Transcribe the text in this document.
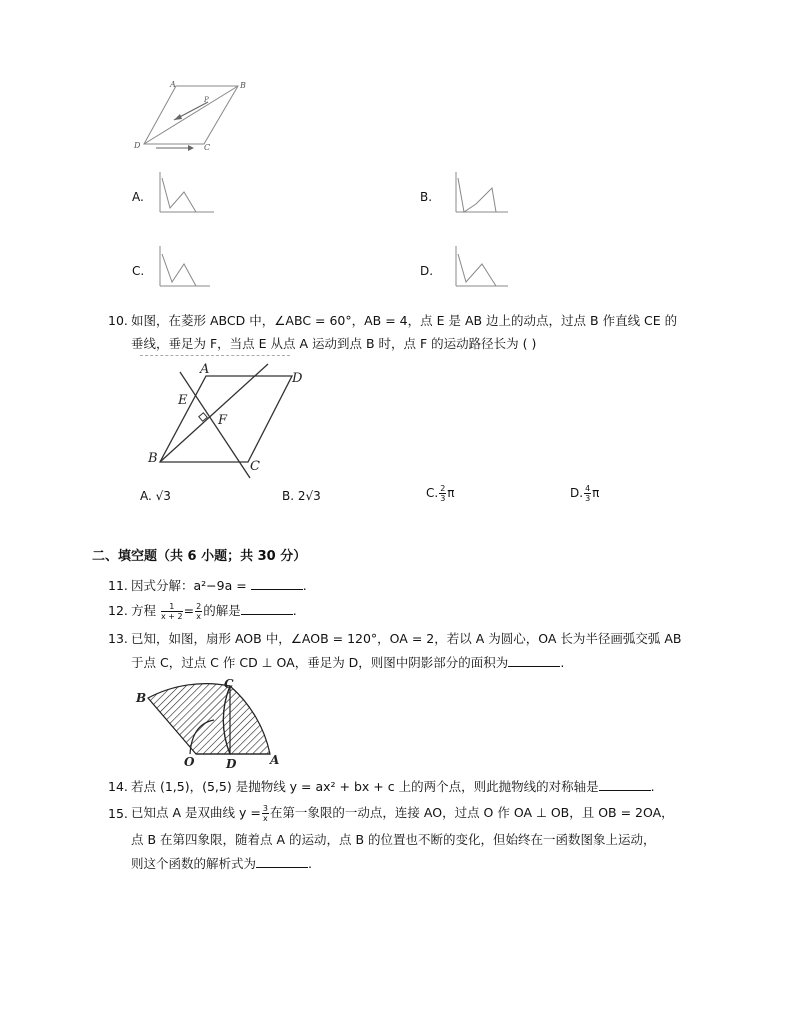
A	B
C
D
P
A.	B.
C.	D.
10. 如图，在菱形 ABCD 中，∠ABC = 60°，AB = 4，点 E 是 AB 边上的动点，过点 B 作直线 CE 的
垂线，垂足为 F，当点 E 从点 A 运动到点 B 时，点 F 的运动路径长为 ( )
A
D
E
F
B
C
A. √3	B. 2√3	C. $\frac{2}{3}$ π	D. $\frac{4}{3}$ π
二、填空题（共 6 小题；共 30 分）
11. 因式分解：a²−9a =	.
12. 方程 $\frac{1}{x + 2} = \frac{2}{x}$ 的解是	.
13. 已知，如图，扇形 AOB 中，∠AOB = 120°，OA = 2，若以 A 为圆心，OA 长为半径画弧交弧 AB
于点 C，过点 C 作 CD ⊥ OA，垂足为 D，则图中阴影部分的面积为	.
B
C
O	D	A
14. 若点 (1,5)，(5,5) 是抛物线 y = ax² + bx + c 上的两个点，则此抛物线的对称轴是	.
15. 已知点 A 是双曲线 $y = \frac{3}{x}$ 在第一象限的一动点，连接 AO，过点 O 作 OA ⊥ OB，且 OB = 2OA，
点 B 在第四象限，随着点 A 的运动，点 B 的位置也不断的变化，但始终在一函数图象上运动，
则这个函数的解析式为	.
